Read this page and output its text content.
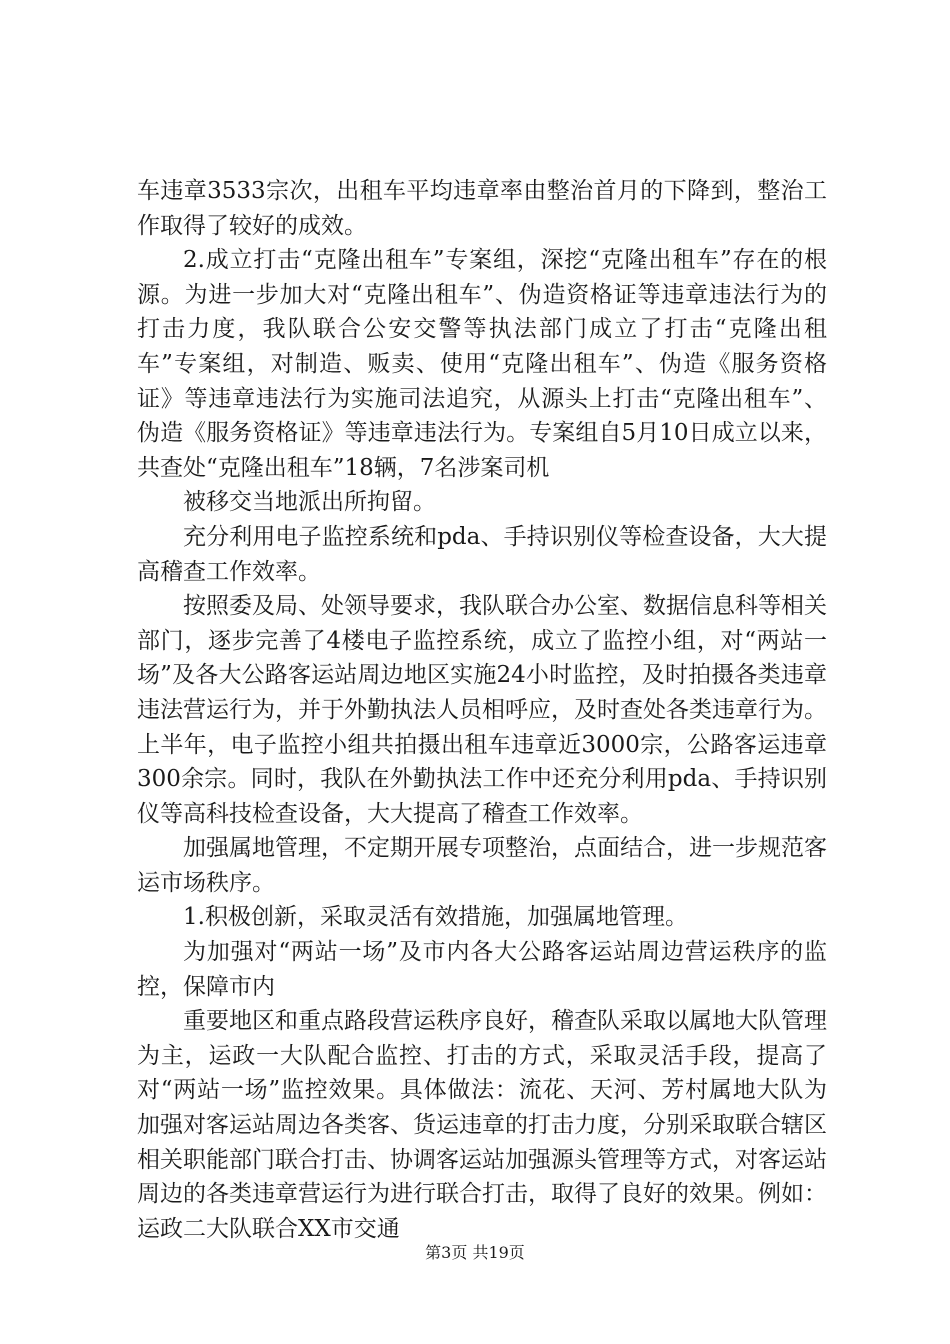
车违章3533宗次，出租车平均违章率由整治首月的下降到，整治工作取得了较好的成效。

2.成立打击“克隆出租车”专案组，深挖“克隆出租车”存在的根源。为进一步加大对“克隆出租车”、伪造资格证等违章违法行为的打击力度，我队联合公安交警等执法部门成立了打击“克隆出租车”专案组，对制造、贩卖、使用“克隆出租车”、伪造《服务资格证》等违章违法行为实施司法追究，从源头上打击“克隆出租车”、伪造《服务资格证》等违章违法行为。专案组自5月10日成立以来，共查处“克隆出租车”18辆，7名涉案司机

被移交当地派出所拘留。

充分利用电子监控系统和pda、手持识别仪等检查设备，大大提高稽查工作效率。

按照委及局、处领导要求，我队联合办公室、数据信息科等相关部门，逐步完善了4楼电子监控系统，成立了监控小组，对“两站一场”及各大公路客运站周边地区实施24小时监控，及时拍摄各类违章违法营运行为，并于外勤执法人员相呼应，及时查处各类违章行为。上半年，电子监控小组共拍摄出租车违章近3000宗，公路客运违章300余宗。同时，我队在外勤执法工作中还充分利用pda、手持识别仪等高科技检查设备，大大提高了稽查工作效率。

加强属地管理，不定期开展专项整治，点面结合，进一步规范客运市场秩序。

1.积极创新，采取灵活有效措施，加强属地管理。

为加强对“两站一场”及市内各大公路客运站周边营运秩序的监控，保障市内

重要地区和重点路段营运秩序良好，稽查队采取以属地大队管理为主，运政一大队配合监控、打击的方式，采取灵活手段，提高了对“两站一场”监控效果。具体做法：流花、天河、芳村属地大队为加强对客运站周边各类客、货运违章的打击力度，分别采取联合辖区相关职能部门联合打击、协调客运站加强源头管理等方式，对客运站周边的各类违章营运行为进行联合打击，取得了良好的效果。例如：运政二大队联合XX市交通

第3页 共19页
